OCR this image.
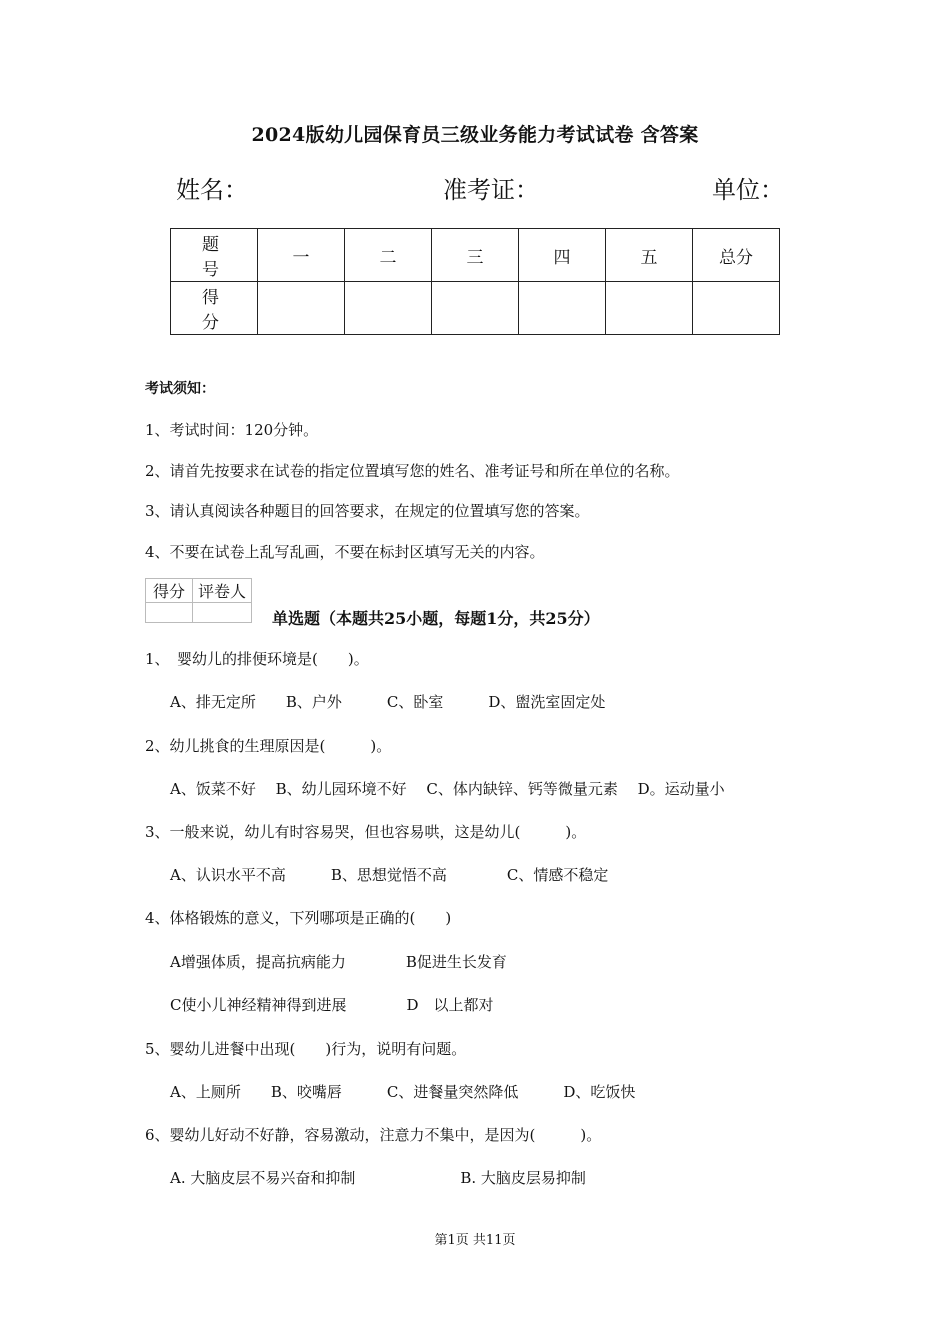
2024版幼儿园保育员三级业务能力考试试卷 含答案
姓名：	准考证：	单位：
题　号	一	二	三	四	五	总分
得　分						
考试须知：
1、考试时间：120分钟。
2、请首先按要求在试卷的指定位置填写您的姓名、准考证号和所在单位的名称。
3、请认真阅读各种题目的回答要求，在规定的位置填写您的答案。
4、不要在试卷上乱写乱画，不要在标封区填写无关的内容。
得分	评卷人

单选题（本题共25小题，每题1分，共25分）
1、　婴幼儿的排便环境是(　　)。
A、排无定所　　B、户外　　　C、卧室　　　D、盥洗室固定处
2、幼儿挑食的生理原因是(　　　)。
A、饭菜不好　 B、幼儿园环境不好　 C、体内缺锌、钙等微量元素　 D。运动量小
3、一般来说，幼儿有时容易哭，但也容易哄，这是幼儿(　　　)。
A、认识水平不高　　　B、思想觉悟不高　　　　C、情感不稳定
4、体格锻炼的意义，下列哪项是正确的(　　)
A增强体质，提高抗病能力　　　　B促进生长发育
C使小儿神经精神得到进展　　　　D　以上都对
5、婴幼儿进餐中出现(　　)行为，说明有问题。
A、上厕所　　B、咬嘴唇　　　C、进餐量突然降低　　　D、吃饭快
6、婴幼儿好动不好静，容易激动，注意力不集中，是因为(　　　)。
A. 大脑皮层不易兴奋和抑制　　　　　　　B. 大脑皮层易抑制
第1页 共11页
